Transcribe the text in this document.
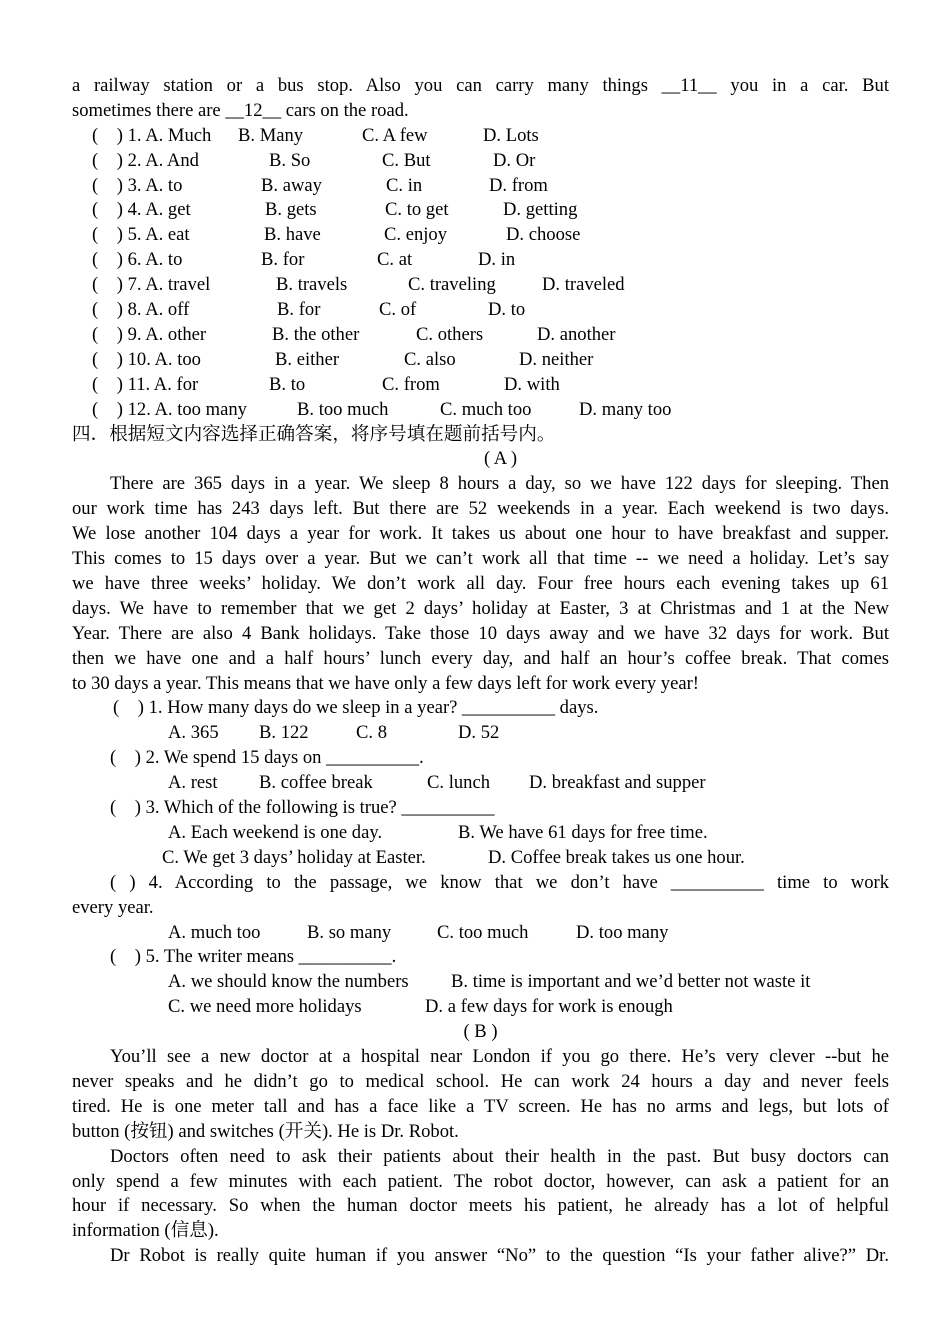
a railway station or a bus stop. Also you can carry many things __11__ you in a car. But
sometimes there are __12__ cars on the road.
(    ) 1. A. Much B. Many	C. A few	D. Lots
(    ) 2. A. And	B. So	C. But	D. Or
(    ) 3. A. to	B. away	C. in	D. from
(    ) 4. A. get	B. gets	C. to get	D. getting
(    ) 5. A. eat	B. have	C. enjoy	D. choose
(    ) 6. A. to	B. for	C. at	D. in
(    ) 7. A. travel	B. travels	C. traveling D. traveled
(    ) 8. A. off	B. for	C. of	D. to
(    ) 9. A. other	B. the other	C. others	D. another
(    ) 10. A. too	B. either	C. also	D. neither
(    ) 11. A. for	B. to	C. from	D. with
(    ) 12. A. too many	B. too much	C. much too	D. many too
四．根据短文内容选择正确答案，将序号填在题前括号内。
( A )
There are 365 days in a year. We sleep 8 hours a day, so we have 122 days for sleeping. Then
our work time has 243 days left. But there are 52 weekends in a year. Each weekend is two days.
We lose another 104 days a year for work. It takes us about one hour to have breakfast and supper.
This comes to 15 days over a year. But we can’t work all that time -- we need a holiday. Let’s say
we have three weeks’ holiday. We don’t work all day. Four free hours each evening takes up 61
days. We have to remember that we get 2 days’ holiday at Easter, 3 at Christmas and 1 at the New
Year. There are also 4 Bank holidays. Take those 10 days away and we have 32 days for work. But
then we have one and a half hours’ lunch every day, and half an hour’s coffee break. That comes
to 30 days a year. This means that we have only a few days left for work every year!
(    ) 1. How many days do we sleep in a year? __________ days.
A. 365 B. 122	C. 8	D. 52
(    ) 2. We spend 15 days on __________.
A. rest B. coffee break	C. lunch D. breakfast and supper
(    ) 3. Which of the following is true? __________
A. Each weekend is one day.	B. We have 61 days for free time.
C. We get 3 days’ holiday at Easter.	D. Coffee break takes us one hour.
( ) 4. According to the passage, we know that we don’t have __________ time to work
every year.
A. much too	B. so many C. too much	D. too many
(    ) 5. The writer means __________.
A. we should know the numbers B. time is important and we’d better not waste it
C. we need more holidays	D. a few days for work is enough
( B )
You’ll see a new doctor at a hospital near London if you go there. He’s very clever --but he
never speaks and he didn’t go to medical school. He can work 24 hours a day and never feels
tired. He is one meter tall and has a face like a TV screen. He has no arms and legs, but lots of
button (按钮) and switches (开关). He is Dr. Robot.
Doctors often need to ask their patients about their health in the past. But busy doctors can
only spend a few minutes with each patient. The robot doctor, however, can ask a patient for an
hour if necessary. So when the human doctor meets his patient, he already has a lot of helpful
information (信息).
Dr Robot is really quite human if you answer “No” to the question “Is your father alive?” Dr.
